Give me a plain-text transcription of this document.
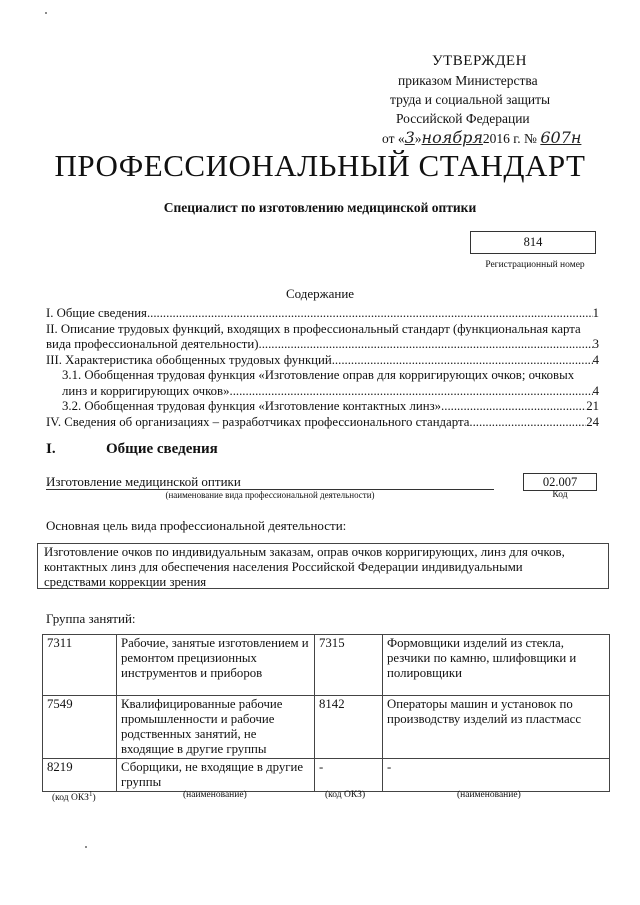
УТВЕРЖДЕН
приказом Министерства
труда и социальной защиты
Российской Федерации
от «3»ноября2016 г. № 607н
ПРОФЕССИОНАЛЬНЫЙ СТАНДАРТ
Специалист по изготовлению медицинской оптики
814
Регистрационный номер
Содержание
I. Общие сведения .....	1
II. Описание трудовых функций, входящих в профессиональный стандарт (функциональная карта
вида профессиональной деятельности) .....	3
III. Характеристика обобщенных трудовых функций .....	4
3.1. Обобщенная трудовая функция «Изготовление оправ для корригирующих очков; очковых
линз и корригирующих очков» .....	4
3.2. Обобщенная трудовая функция «Изготовление контактных линз» .....	21
IV. Сведения об организациях – разработчиках профессионального стандарта .....	24
I.	Общие сведения
Изготовление медицинской оптики
(наименование вида профессиональной деятельности)
02.007
Код
Основная цель вида профессиональной деятельности:
Изготовление очков по индивидуальным заказам, оправ очков корригирующих, линз для очков,
контактных линз для обеспечения населения Российской Федерации индивидуальными
средствами коррекции зрения
Группа занятий:
7311	Рабочие, занятые изготовлением и ремонтом прецизионных инструментов и приборов	7315	Формовщики изделий из стекла, резчики по камню, шлифовщики и полировщики
7549	Квалифицированные рабочие промышленности и рабочие родственных занятий, не входящие в другие группы	8142	Операторы машин и установок по производству изделий из пластмасс
8219	Сборщики, не входящие в другие группы	-	-
(код ОКЗ$^1$)	(наименование)	(код ОКЗ)	(наименование)
